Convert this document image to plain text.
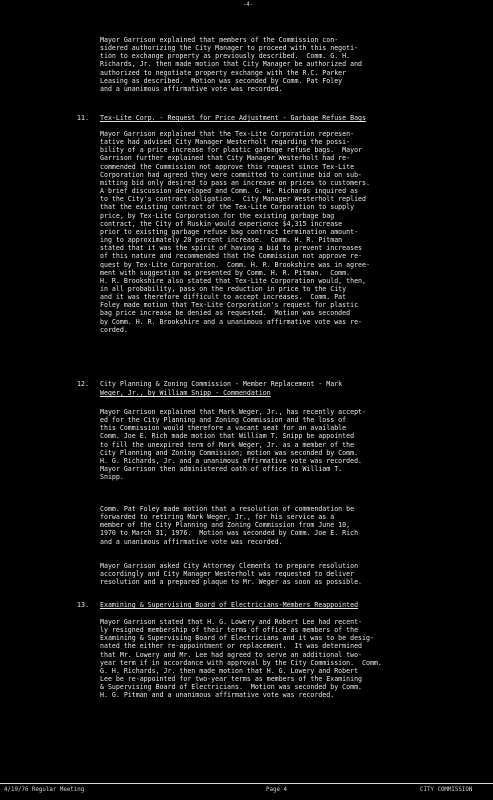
-4-
Mayor Garrison explained that members of the Commission con-
sidered authorizing the City Manager to proceed with this negoti-
tion to exchange property as previously described.  Comm. G. H.
Richards, Jr. then made motion that City Manager be authorized and
authorized to negotiate property exchange with the R.C. Parker
Leasing as described.  Motion was seconded by Comm. Pat Foley
and a unanimous affirmative vote was recorded.
11. Tex-Lite Corp. - Request for Price Adjustment - Garbage Refuse Bags
Mayor Garrison explained that the Tex-Lite Corporation represen-
tative had advised City Manager Westerholt regarding the possi-
bility of a price increase for plastic garbage refuse bags.  Mayor
Garrison further explained that City Manager Westerholt had re-
commended the Commission not approve this request since Tex-Lite
Corporation had agreed they were committed to continue bid on sub-
mitting bid only desired to pass an increase on prices to customers.
A brief discussion developed and Comm. G. H. Richards inquired as
to the City's contract obligation.  City Manager Westerholt replied
that the existing contract of the Tex-Lite Corporation to supply
price, by Tex-Lite Corporation for the existing garbage bag
contract, the City of Ruskin would experience $4,315 increase
prior to existing garbage refuse bag contract termination amount-
ing to approximately 20 percent increase.  Comm. H. R. Pitman
stated that it was the spirit of having a bid to prevent increases
of this nature and recommended that the Commission not approve re-
quest by Tex-Lite Corporation.  Comm. H. R. Brookshire was in agree-
ment with suggestion as presented by Comm. H. R. Pitman.  Comm.
H. R. Brookshire also stated that Tex-Lite Corporation would, then,
in all probability, pass on the reduction in price to the City
and it was therefore difficult to accept increases.  Comm. Pat
Foley made motion that Tex-Lite Corporation's request for plastic
bag price increase be denied as requested.  Motion was seconded
by Comm. H. R. Brookshire and a unanimous affirmative vote was re-
corded.
12. City Planning & Zoning Commission - Member Replacement - Mark
Weger, Jr., by William Snipp - Commendation
Mayor Garrison explained that Mark Weger, Jr., has recently accept-
ed for the City Planning and Zoning Commission and the loss of
this Commission would therefore a vacant seat for an available
Comm. Joe E. Rich made motion that William T. Snipp be appointed
to fill the unexpired term of Mark Weger, Jr. as a member of the
City Planning and Zoning Commission; motion was seconded by Comm.
H. G. Richards, Jr. and a unanimous affirmative vote was recorded.
Mayor Garrison then administered oath of office to William T.
Snipp.
Comm. Pat Foley made motion that a resolution of commendation be
forwarded to retiring Mark Weger, Jr., for his service as a
member of the City Planning and Zoning Commission from June 10,
1970 to March 31, 1976.  Motion was seconded by Comm. Joe E. Rich
and a unanimous affirmative vote was recorded.
Mayor Garrison asked City Attorney Clements to prepare resolution
accordingly and City Manager Westerholt was requested to deliver
resolution and a prepared plaque to Mr. Weger as soon as possible.
13. Examining & Supervising Board of Electricians-Members Reappointed
Mayor Garrison stated that H. G. Lowery and Robert Lee had recent-
ly resigned membership of their terms of office as members of the
Examining & Supervising Board of Electricians and it was to be desig-
nated the either re-appointment or replacement.  It was determined
that Mr. Lowery and Mr. Lee had agreed to serve an additional two-
year term if in accordance with approval by the City Commission.  Comm.
G. H. Richards, Jr. then made motion that H. G. Lowery and Robert
Lee be re-appointed for two-year terms as members of the Examining
& Supervising Board of Electricians.  Motion was seconded by Comm.
H. G. Pitman and a unanimous affirmative vote was recorded.
4/19/76 Regular Meeting	Page 4	CITY COMMISSION
